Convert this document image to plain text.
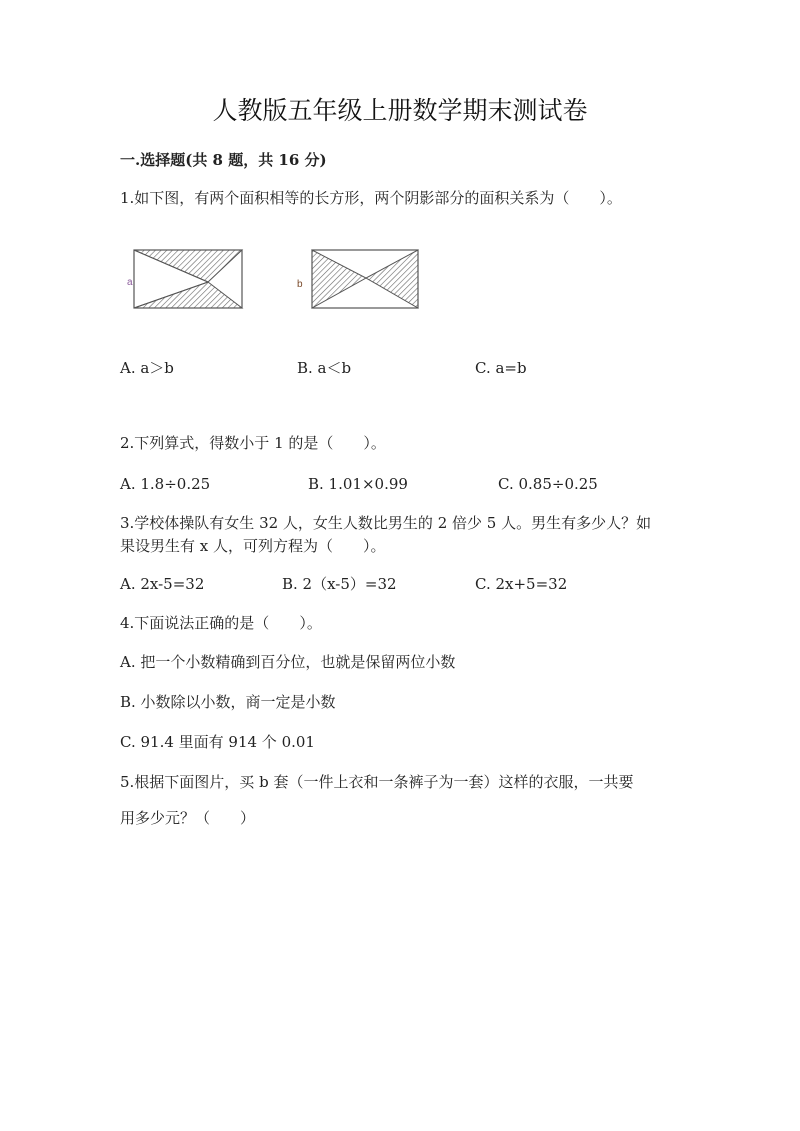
人教版五年级上册数学期末测试卷
一.选择题(共 8 题，共 16 分)
1.如下图，有两个面积相等的长方形，两个阴影部分的面积关系为（　　）。
a	b
A. a＞b	B. a＜b	C. a=b
2.下列算式，得数小于 1 的是（　　）。
A. 1.8÷0.25	B. 1.01×0.99	C. 0.85÷0.25
3.学校体操队有女生 32 人，女生人数比男生的 2 倍少 5 人。男生有多少人？如
果设男生有 x 人，可列方程为（　　）。
A. 2x-5=32	B. 2（x-5）=32	C. 2x+5=32
4.下面说法正确的是（　　）。
A. 把一个小数精确到百分位，也就是保留两位小数
B. 小数除以小数，商一定是小数
C. 91.4 里面有 914 个 0.01
5.根据下面图片，买 b 套（一件上衣和一条裤子为一套）这样的衣服，一共要
用多少元？（　　）
